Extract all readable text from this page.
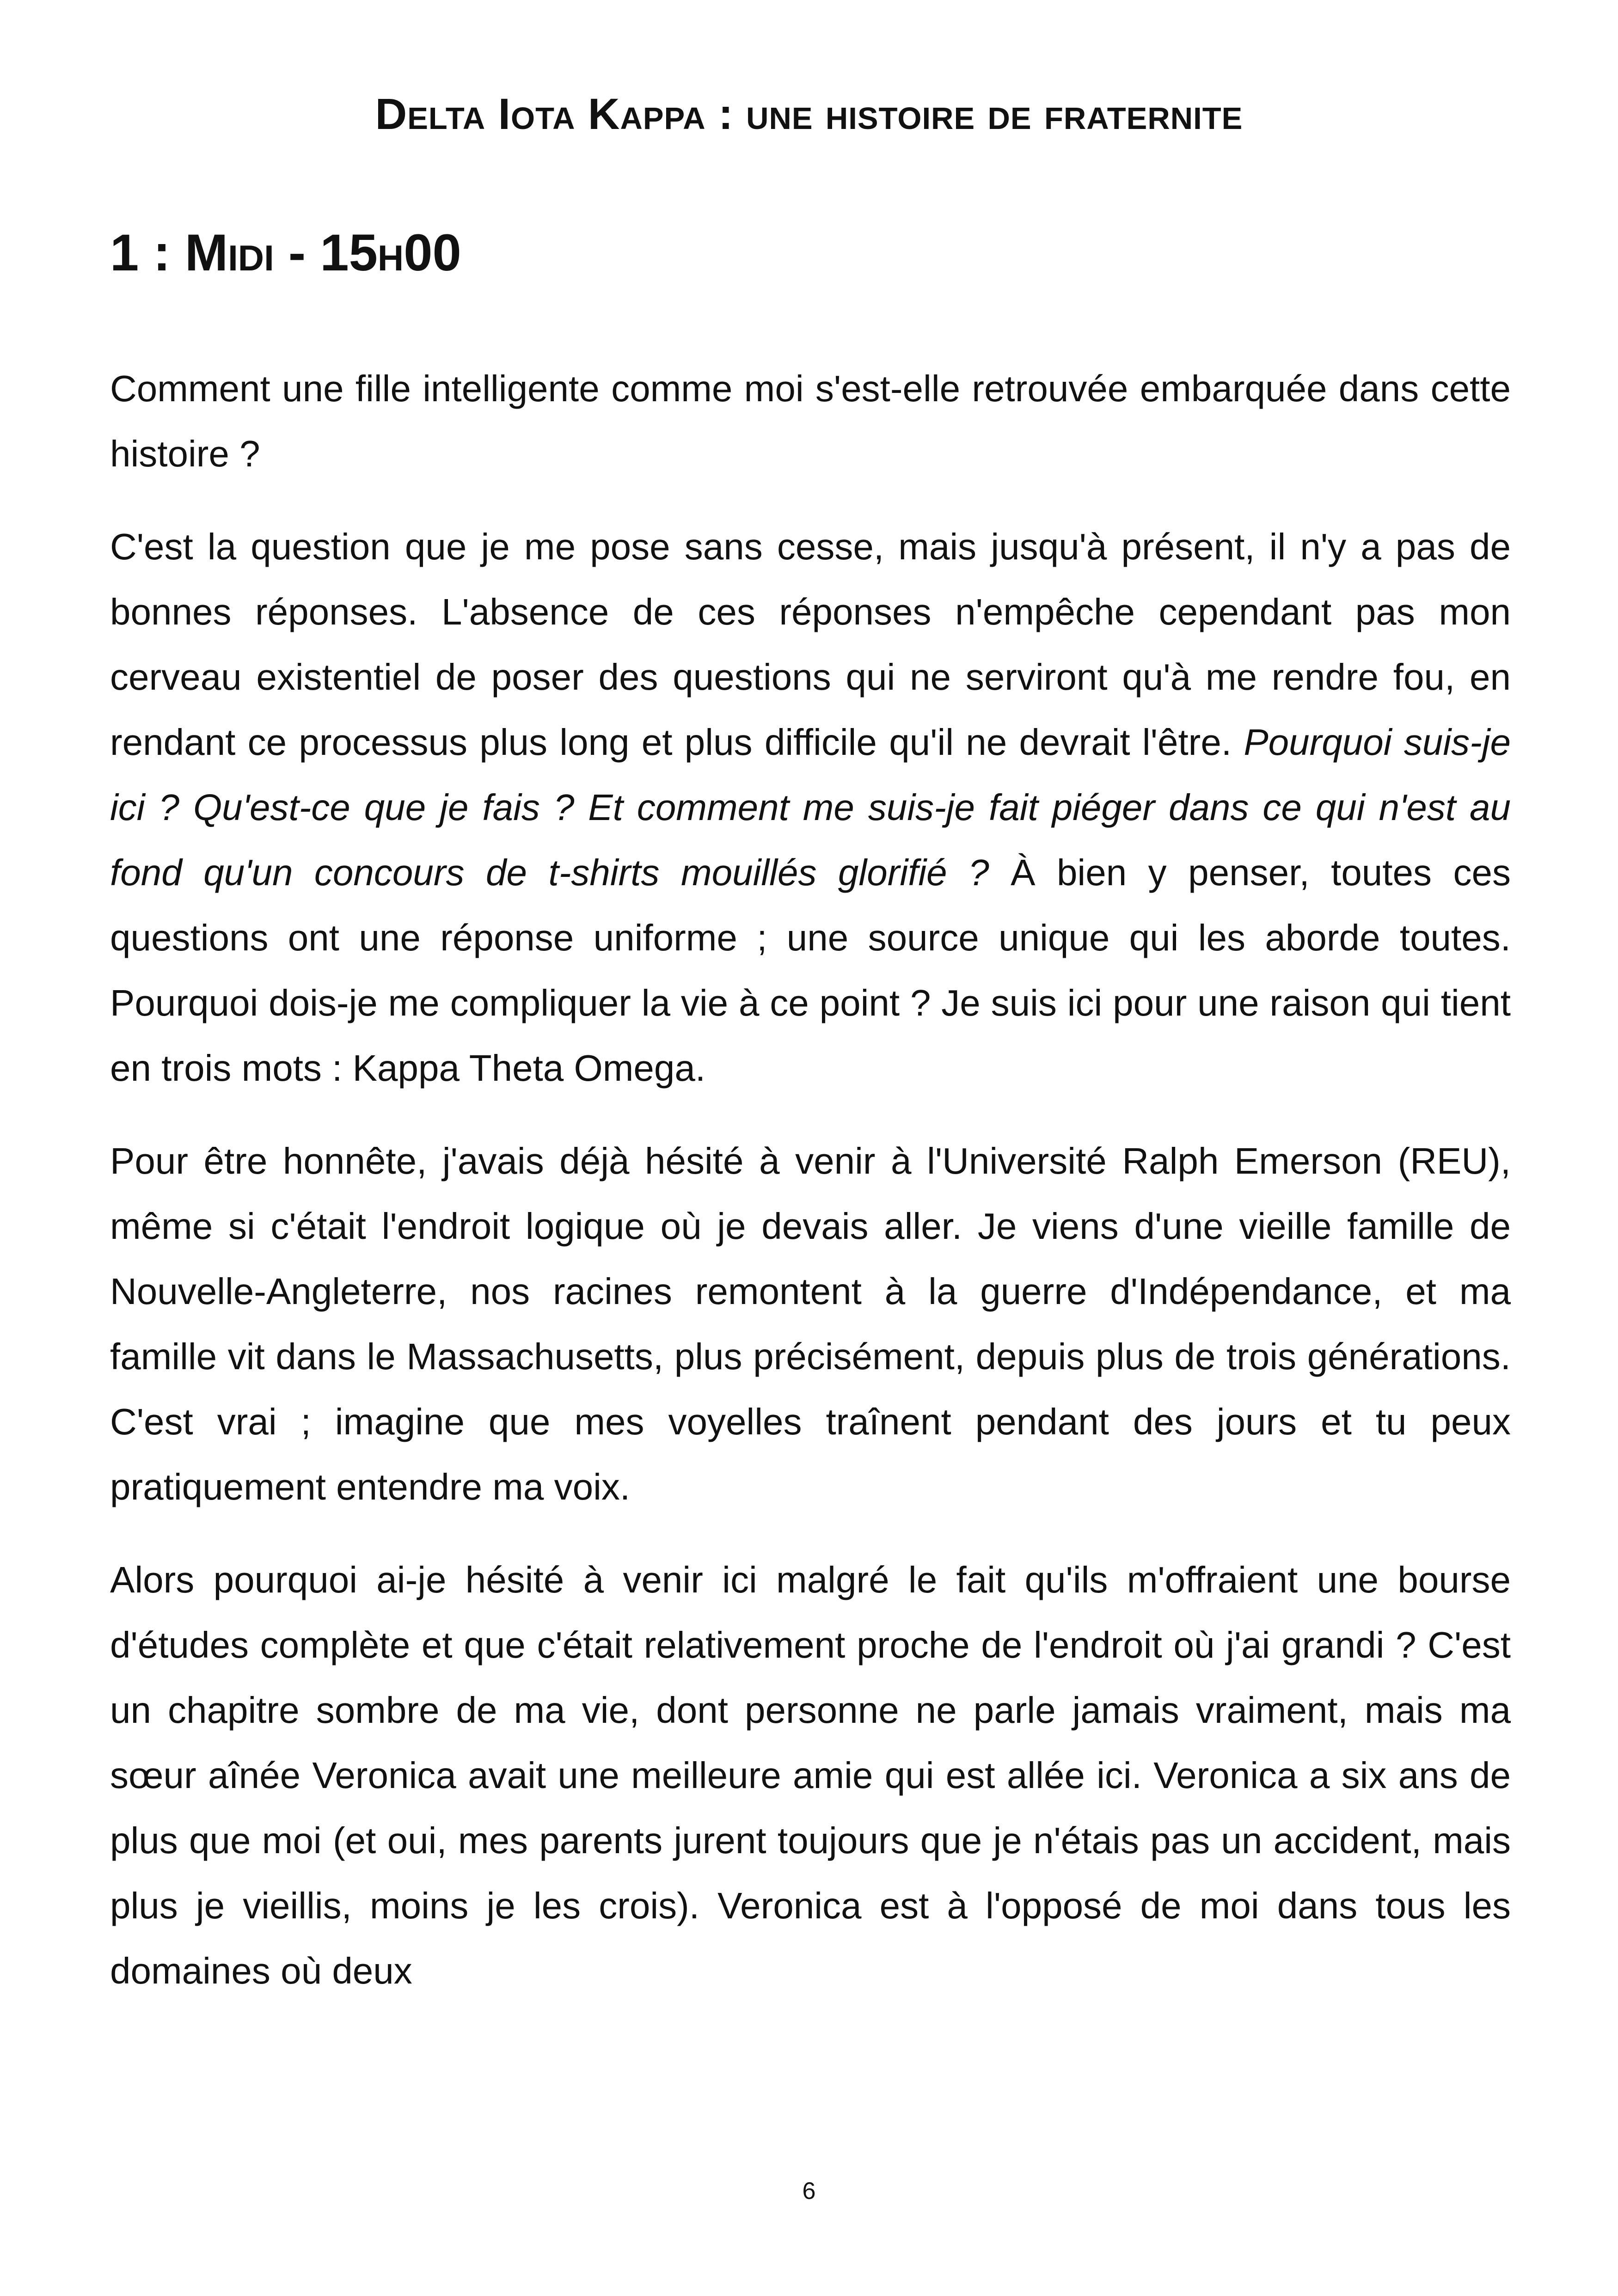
Delta Iota Kappa : une histoire de fraternite
1 : Midi - 15h00

Comment une fille intelligente comme moi s'est-elle retrouvée embarquée dans cette histoire ?

C'est la question que je me pose sans cesse, mais jusqu'à présent, il n'y a pas de bonnes réponses. L'absence de ces réponses n'empêche cependant pas mon cerveau existentiel de poser des questions qui ne serviront qu'à me rendre fou, en rendant ce processus plus long et plus difficile qu'il ne devrait l'être. Pourquoi suis-je ici ? Qu'est-ce que je fais ? Et comment me suis-je fait piéger dans ce qui n'est au fond qu'un concours de t-shirts mouillés glorifié ? À bien y penser, toutes ces questions ont une réponse uniforme ; une source unique qui les aborde toutes. Pourquoi dois-je me compliquer la vie à ce point ? Je suis ici pour une raison qui tient en trois mots : Kappa Theta Omega.

Pour être honnête, j'avais déjà hésité à venir à l'Université Ralph Emerson (REU), même si c'était l'endroit logique où je devais aller. Je viens d'une vieille famille de Nouvelle-Angleterre, nos racines remontent à la guerre d'Indépendance, et ma famille vit dans le Massachusetts, plus précisément, depuis plus de trois générations. C'est vrai ; imagine que mes voyelles traînent pendant des jours et tu peux pratiquement entendre ma voix.

Alors pourquoi ai-je hésité à venir ici malgré le fait qu'ils m'offraient une bourse d'études complète et que c'était relativement proche de l'endroit où j'ai grandi ? C'est un chapitre sombre de ma vie, dont personne ne parle jamais vraiment, mais ma sœur aînée Veronica avait une meilleure amie qui est allée ici. Veronica a six ans de plus que moi (et oui, mes parents jurent toujours que je n'étais pas un accident, mais plus je vieillis, moins je les crois). Veronica est à l'opposé de moi dans tous les domaines où deux

6
